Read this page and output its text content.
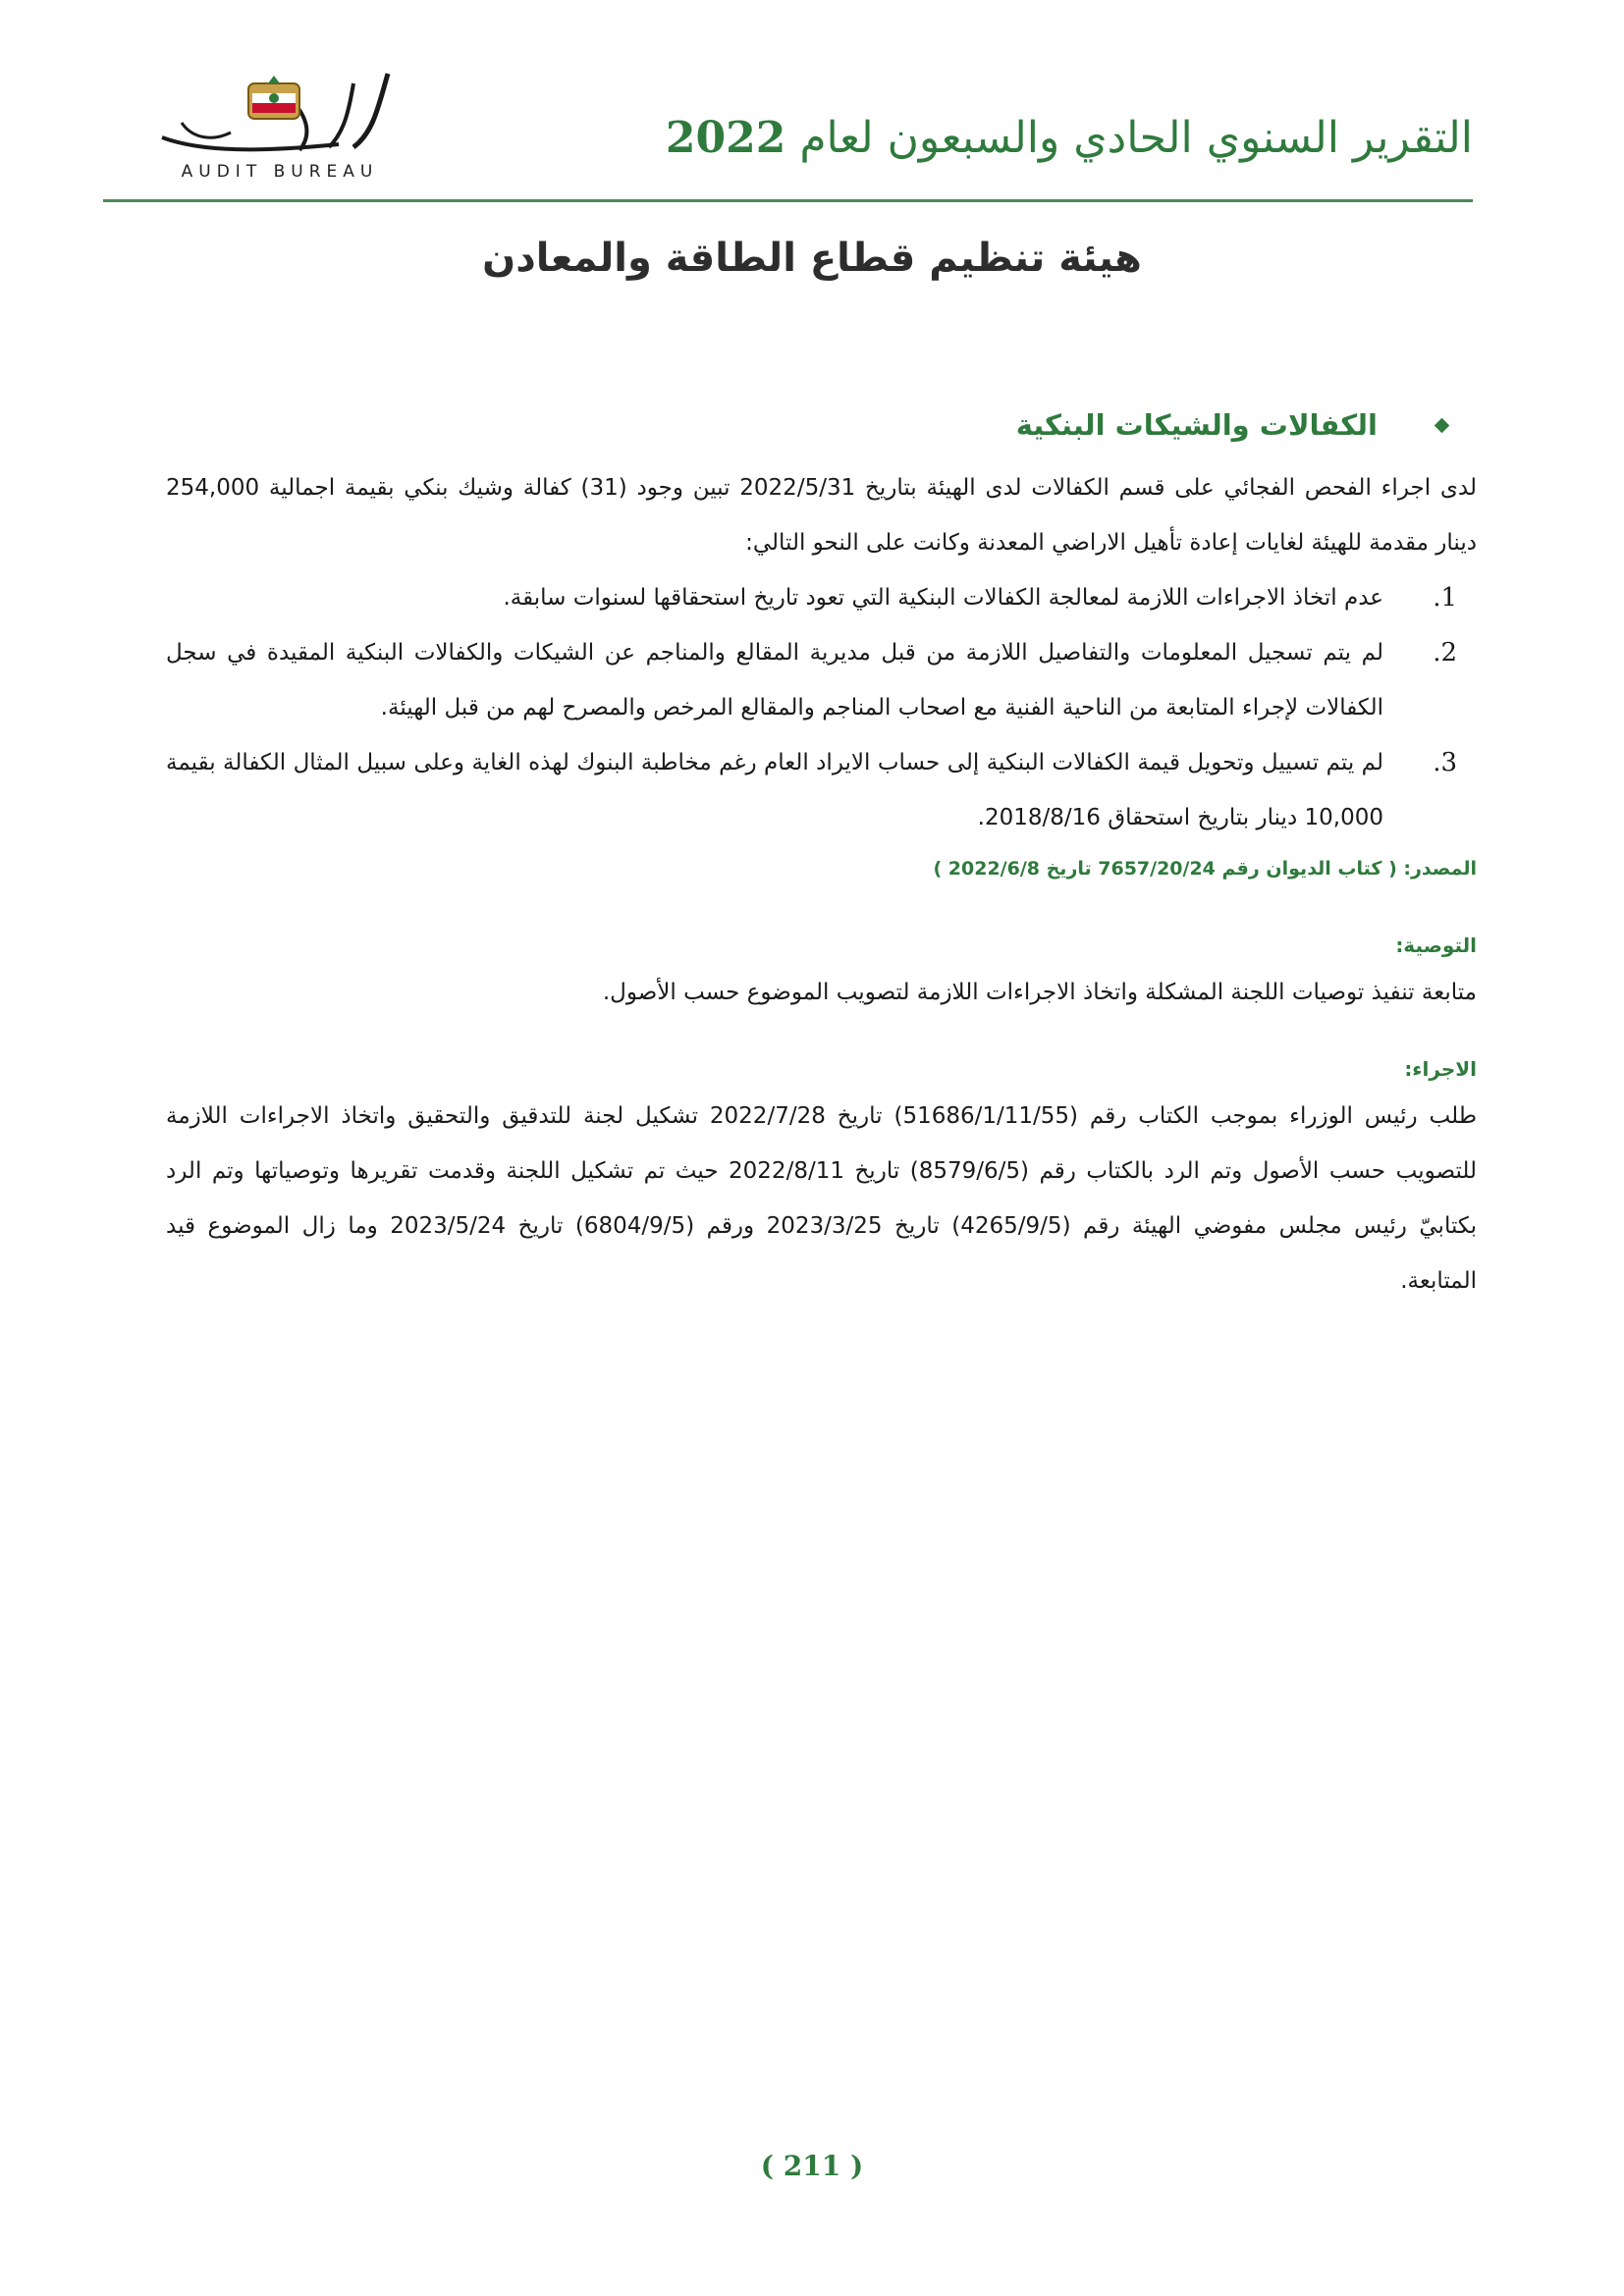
AUDIT BUREAU
التقرير السنوي الحادي والسبعون لعام 2022
هيئة تنظيم قطاع الطاقة والمعادن
الكفالات والشيكات البنكية

لدى اجراء الفحص الفجائي على قسم الكفالات لدى الهيئة بتاريخ 2022/5/31 تبين وجود (31) كفالة وشيك بنكي بقيمة اجمالية 254,000 دينار مقدمة للهيئة لغايات إعادة تأهيل الاراضي المعدنة وكانت على النحو التالي:

1.
عدم اتخاذ الاجراءات اللازمة لمعالجة الكفالات البنكية التي تعود تاريخ استحقاقها لسنوات سابقة.
2.
لم يتم تسجيل المعلومات والتفاصيل اللازمة من قبل مديرية المقالع والمناجم عن الشيكات والكفالات البنكية المقيدة في سجل الكفالات لإجراء المتابعة من الناحية الفنية مع اصحاب المناجم والمقالع المرخص والمصرح لهم من قبل الهيئة.
3.
لم يتم تسييل وتحويل قيمة الكفالات البنكية إلى حساب الايراد العام رغم مخاطبة البنوك لهذه الغاية وعلى سبيل المثال الكفالة بقيمة 10,000 دينار بتاريخ استحقاق 2018/8/16.
المصدر: ( كتاب الديوان رقم 7657/20/24 تاريخ 2022/6/8 )
التوصية:

متابعة تنفيذ توصيات اللجنة المشكلة واتخاذ الاجراءات اللازمة لتصويب الموضوع حسب الأصول.

الاجراء:

طلب رئيس الوزراء بموجب الكتاب رقم (51686/1/11/55) تاريخ 2022/7/28 تشكيل لجنة للتدقيق والتحقيق واتخاذ الاجراءات اللازمة للتصويب حسب الأصول وتم الرد بالكتاب رقم (8579/6/5) تاريخ 2022/8/11 حيث تم تشكيل اللجنة وقدمت تقريرها وتوصياتها وتم الرد بكتابيّ رئيس مجلس مفوضي الهيئة رقم (4265/9/5) تاريخ 2023/3/25 ورقم (6804/9/5) تاريخ 2023/5/24 وما زال الموضوع قيد المتابعة.

( 211 )
